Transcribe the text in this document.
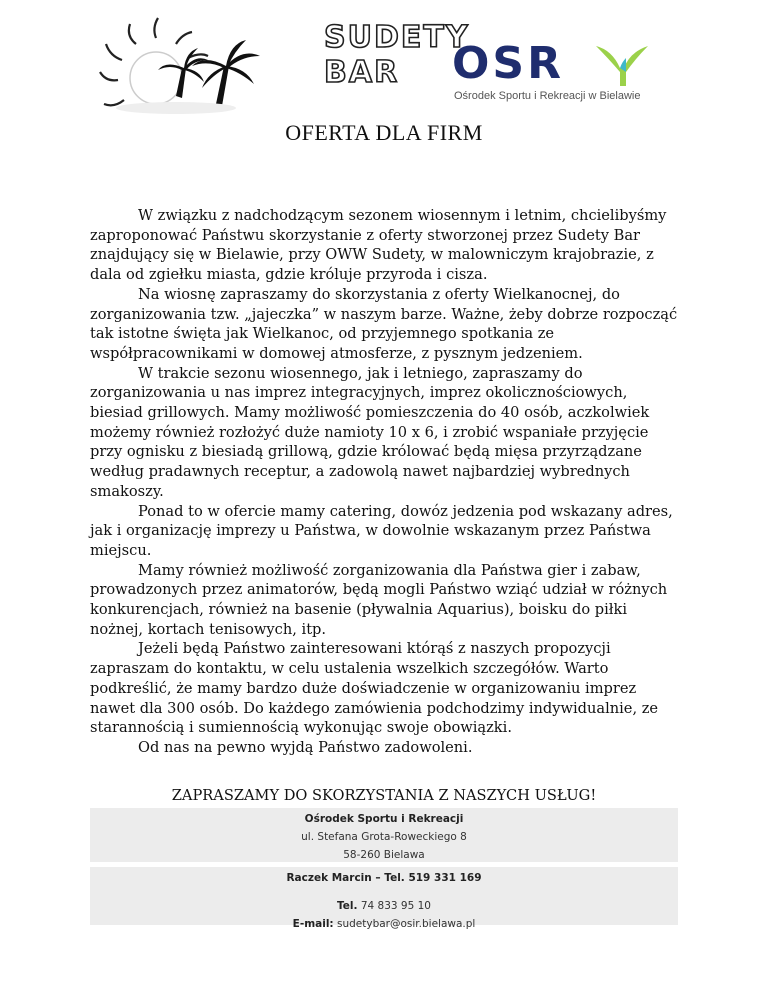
SUDETY BAR	OSR
Ośrodek Sportu i Rekreacji w Bielawie
OFERTA DLA FIRM

W związku z nadchodzącym sezonem wiosennym i letnim, chcielibyśmy zaproponować Państwu skorzystanie z oferty stworzonej przez Sudety Bar znajdujący się w Bielawie, przy OWW Sudety, w malowniczym krajobrazie, z dala od zgiełku miasta, gdzie króluje przyroda i cisza.

Na wiosnę zapraszamy do skorzystania z oferty Wielkanocnej, do zorganizowania tzw. „jajeczka” w naszym barze. Ważne, żeby dobrze rozpocząć tak istotne święta jak Wielkanoc, od przyjemnego spotkania ze współpracownikami w domowej atmosferze, z pysznym jedzeniem.

W trakcie sezonu wiosennego, jak i letniego, zapraszamy do zorganizowania u nas imprez integracyjnych, imprez okolicznościowych, biesiad grillowych. Mamy możliwość pomieszczenia do 40 osób, aczkolwiek możemy również rozłożyć duże namioty 10 x 6, i zrobić wspaniałe przyjęcie przy ognisku z biesiadą grillową, gdzie królować będą mięsa przyrządzane według pradawnych receptur, a zadowolą nawet najbardziej wybrednych smakoszy.

Ponad to w ofercie mamy catering, dowóz jedzenia pod wskazany adres, jak i organizację imprezy u Państwa, w dowolnie wskazanym przez Państwa miejscu.

Mamy również możliwość zorganizowania dla Państwa gier i zabaw, prowadzonych przez animatorów, będą mogli Państwo wziąć udział w różnych konkurencjach, również na basenie (pływalnia Aquarius), boisku do piłki nożnej, kortach tenisowych, itp.

Jeżeli będą Państwo zainteresowani którąś z naszych propozycji zapraszam do kontaktu, w celu ustalenia wszelkich szczegółów. Warto podkreślić, że mamy bardzo duże doświadczenie w organizowaniu imprez nawet dla 300 osób. Do każdego zamówienia podchodzimy indywidualnie, ze starannością i sumiennością wykonując swoje obowiązki.

Od nas na pewno wyjdą Państwo zadowoleni.

ZAPRASZAMY DO SKORZYSTANIA Z NASZYCH USŁUG!
Ośrodek Sportu i Rekreacji
ul. Stefana Grota-Roweckiego 8
58-260 Bielawa
Raczek Marcin – Tel. 519 331 169
Tel. 74 833 95 10
E-mail: sudetybar@osir.bielawa.pl
